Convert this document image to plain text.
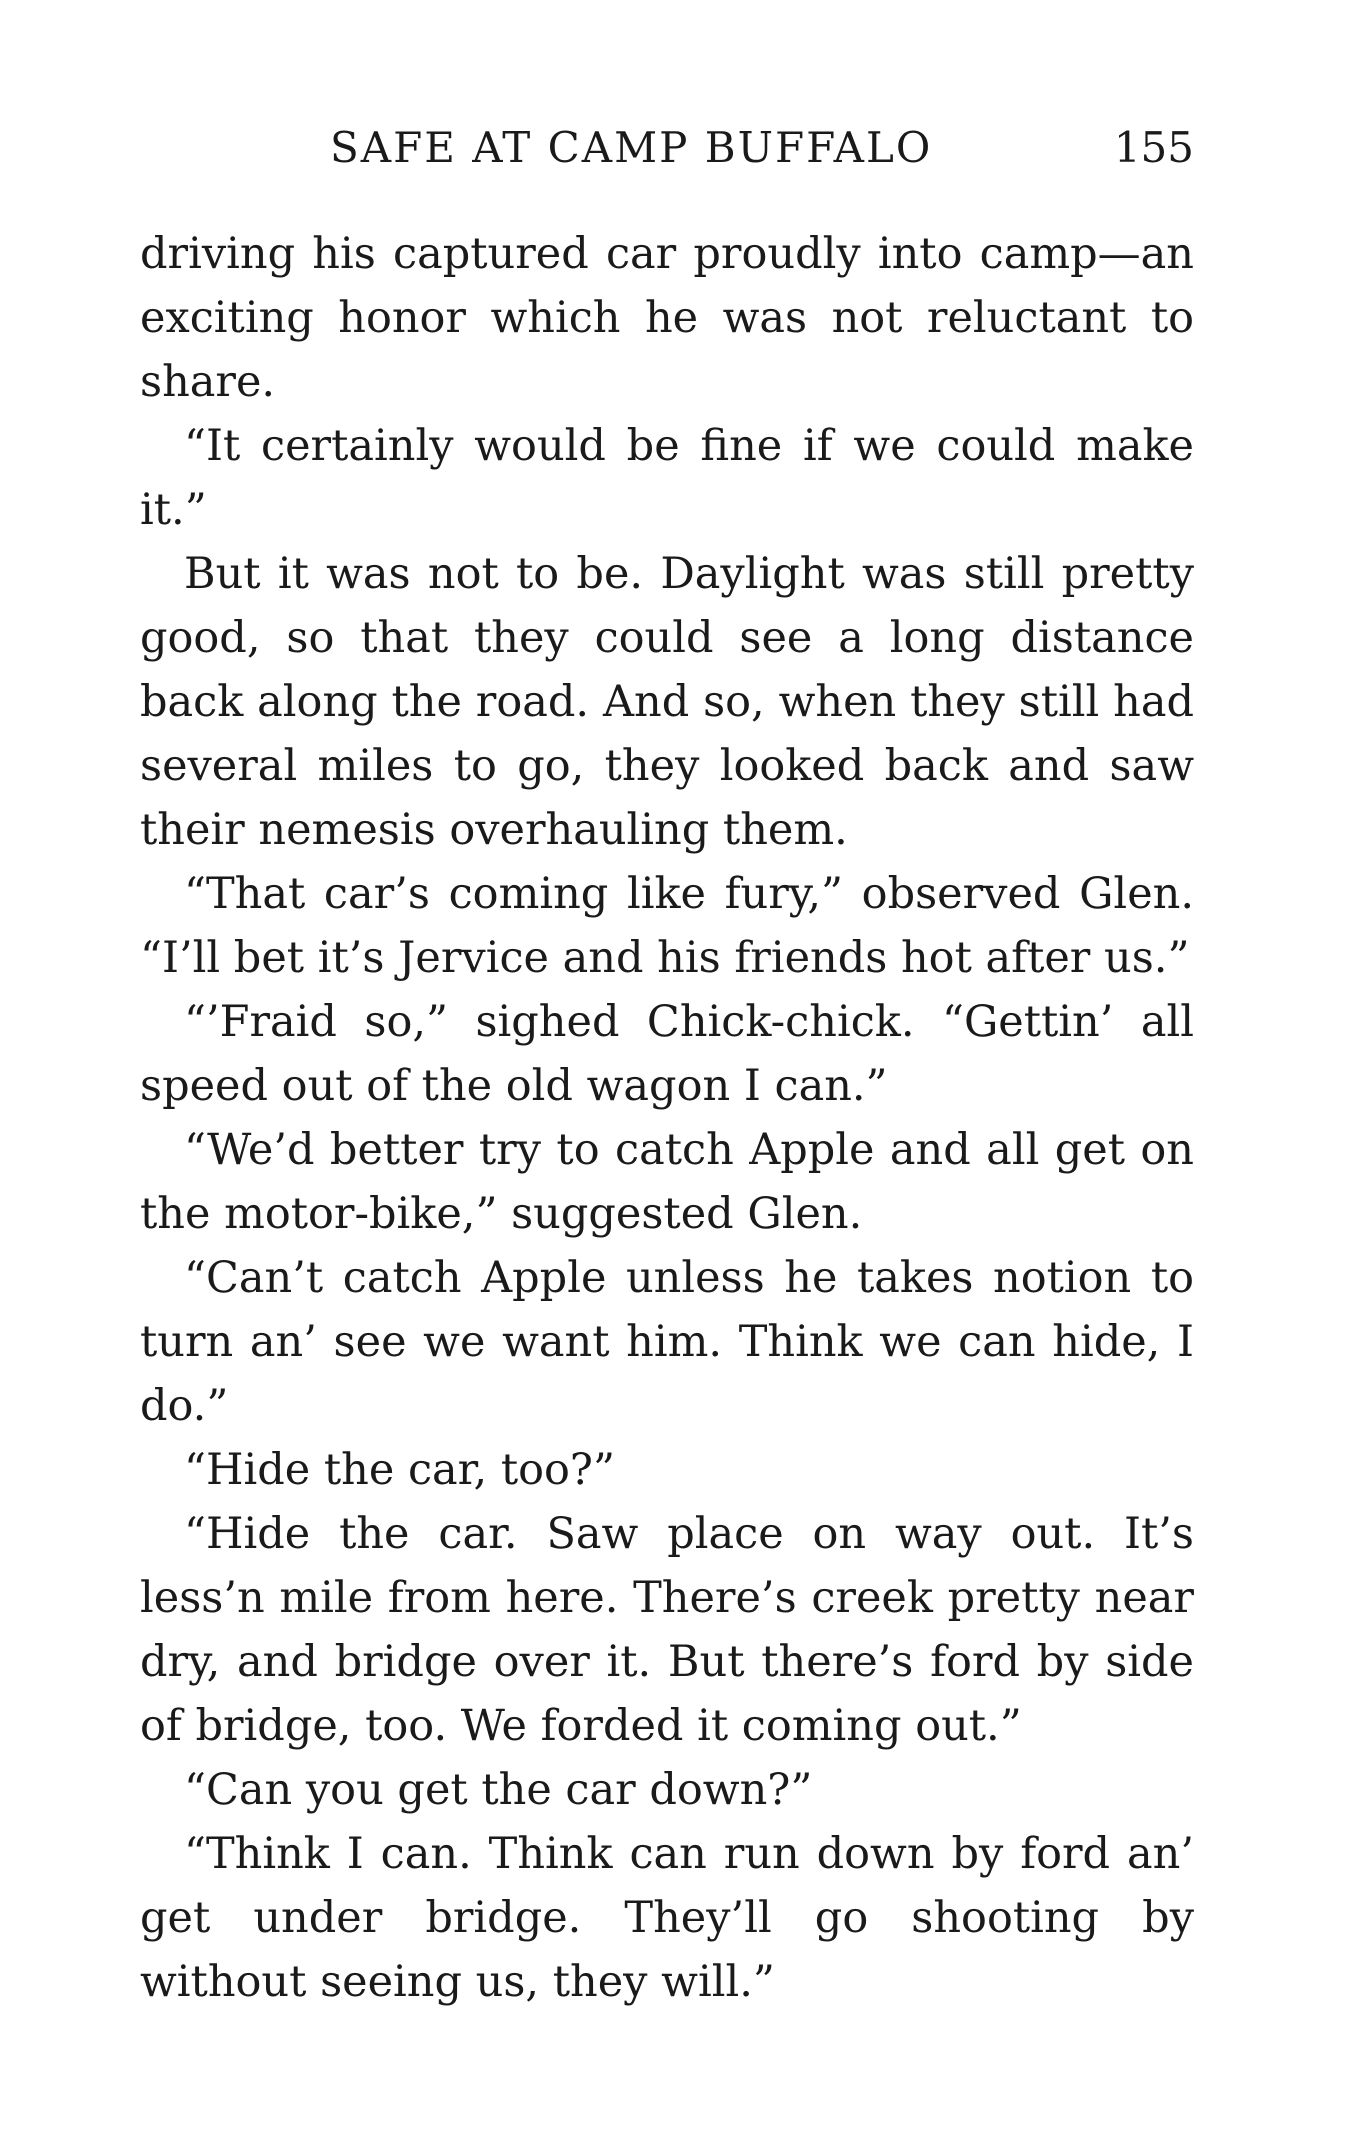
SAFE AT CAMP BUFFALO	155

driving his captured car proudly into camp—an exciting honor which he was not reluctant to share.

“It certainly would be fine if we could make it.”

But it was not to be. Daylight was still pretty good, so that they could see a long distance back along the road. And so, when they still had several miles to go, they looked back and saw their nemesis overhauling them.

“That car’s coming like fury,” observed Glen. “I’ll bet it’s Jervice and his friends hot after us.”

“’Fraid so,” sighed Chick-chick. “Gettin’ all speed out of the old wagon I can.”

“We’d better try to catch Apple and all get on the motor-bike,” suggested Glen.

“Can’t catch Apple unless he takes notion to turn an’ see we want him. Think we can hide, I do.”

“Hide the car, too?”

“Hide the car. Saw place on way out. It’s less’n mile from here. There’s creek pretty near dry, and bridge over it. But there’s ford by side of bridge, too. We forded it coming out.”

“Can you get the car down?”

“Think I can. Think can run down by ford an’ get under bridge. They’ll go shooting by without seeing us, they will.”
